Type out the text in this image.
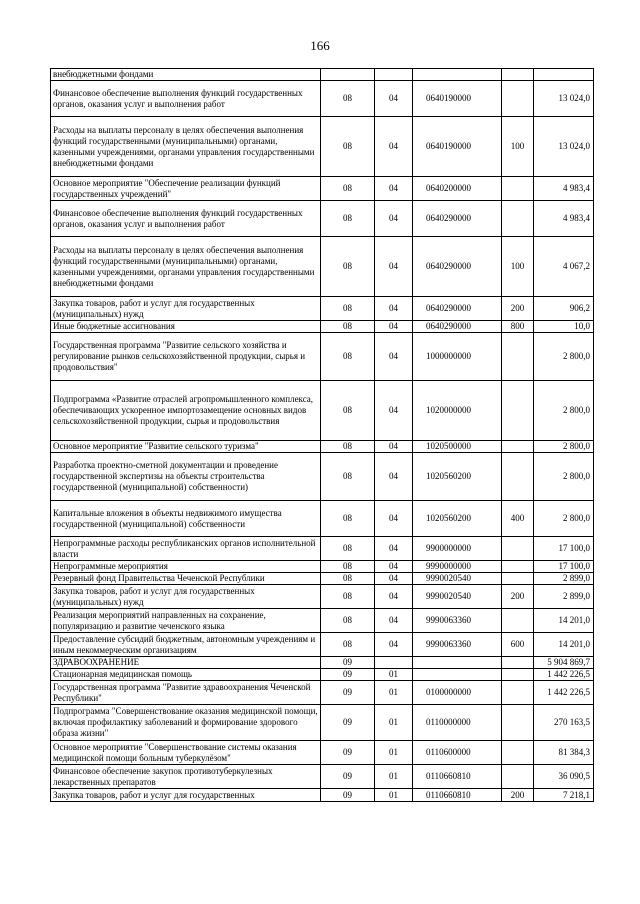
166
внебюджетными фондами					
Финансовое обеспечение выполнения функций государственных органов, оказания услуг и выполнения работ	08	04	0640190000		13 024,0
Расходы на выплаты персоналу в целях обеспечения выполнения функций государственными (муниципальными) органами, казенными учреждениями, органами управления государственными внебюджетными фондами	08	04	0640190000	100	13 024,0
Основное мероприятие "Обеспечение реализации функций государственных учреждений"	08	04	0640200000		4 983,4
Финансовое обеспечение выполнения функций государственных органов, оказания услуг и выполнения работ	08	04	0640290000		4 983,4
Расходы на выплаты персоналу в целях обеспечения выполнения функций государственными (муниципальными) органами, казенными учреждениями, органами управления государственными внебюджетными фондами	08	04	0640290000	100	4 067,2
Закупка товаров, работ и услуг для государственных (муниципальных) нужд	08	04	0640290000	200	906,2
Иные бюджетные ассигнования	08	04	0640290000	800	10,0
Государственная программа "Развитие сельского хозяйства и регулирование рынков сельскохозяйственной продукции, сырья и продовольствия"	08	04	1000000000		2 800,0
Подпрограмма «Развитие отраслей агропромышленного комплекса, обеспечивающих ускоренное импортозамещение основных видов сельскохозяйственной продукции, сырья и продовольствия	08	04	1020000000		2 800,0
Основное мероприятие "Развитие сельского туризма"	08	04	1020500000		2 800,0
Разработка проектно-сметной документации и проведение государственной экспертизы на объекты строительства государственной (муниципальной) собственности)	08	04	1020560200		2 800,0
Капитальные вложения в объекты недвижимого имущества государственной (муниципальной) собственности	08	04	1020560200	400	2 800,0
Непрограммные расходы республиканских органов исполнительной власти	08	04	9900000000		17 100,0
Непрограммные мероприятия	08	04	9990000000		17 100,0
Резервный фонд Правительства Чеченской Республики	08	04	9990020540		2 899,0
Закупка товаров, работ и услуг для государственных (муниципальных) нужд	08	04	9990020540	200	2 899,0
Реализация мероприятий направленных на сохранение, популяризацию и развитие чеченского языка	08	04	9990063360		14 201,0
Предоставление субсидий бюджетным, автономным учреждениям и иным некоммерческим организациям	08	04	9990063360	600	14 201,0
ЗДРАВООХРАНЕНИЕ	09				5 904 869,7
Стационарная медицинская помощь	09	01			1 442 226,5
Государственная программа "Развитие здравоохранения Чеченской Республики"	09	01	0100000000		1 442 226,5
Подпрограмма "Совершенствование оказания медицинской помощи, включая профилактику заболеваний и формирование здорового образа жизни"	09	01	0110000000		270 163,5
Основное мероприятие "Совершенствование системы оказания медицинской помощи больным туберкулёзом"	09	01	0110600000		81 384,3
Финансовое обеспечение закупок противотуберкулезных лекарственных препаратов	09	01	0110660810		36 090,5
Закупка товаров, работ и услуг для государственных	09	01	0110660810	200	7 218,1
